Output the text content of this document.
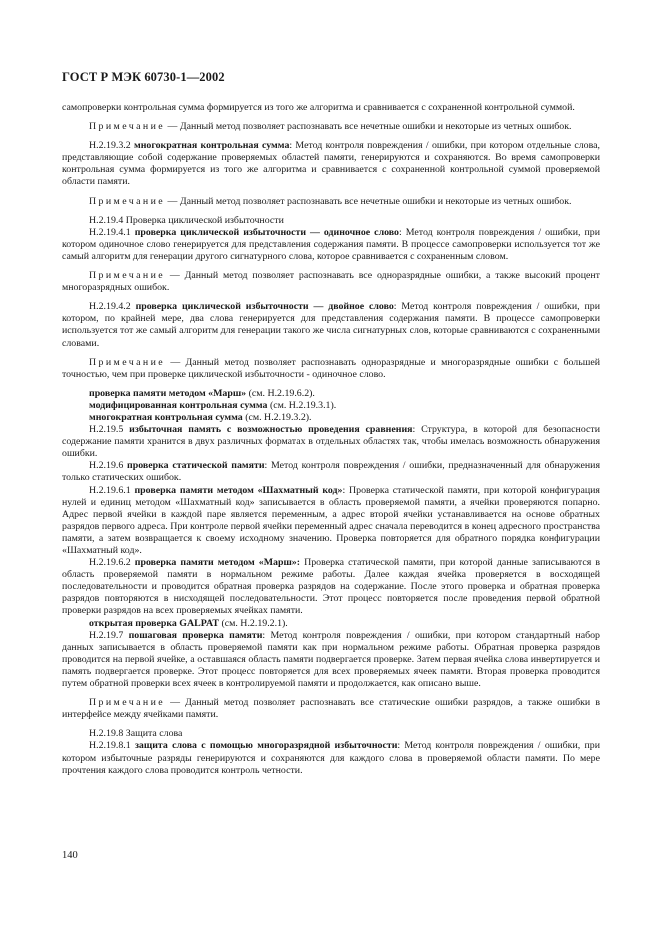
ГОСТ Р МЭК 60730-1—2002

самопроверки контрольная сумма формируется из того же алгоритма и сравнивается с сохраненной контрольной суммой.

Примечание — Данный метод позволяет распознавать все нечетные ошибки и некоторые из четных ошибок.

Н.2.19.3.2 многократная контрольная сумма: Метод контроля повреждения / ошибки, при котором отдельные слова, представляющие собой содержание проверяемых областей памяти, генерируются и сохраняются. Во время самопроверки контрольная сумма формируется из того же алгоритма и сравнивается с сохраненной контрольной суммой проверяемой области памяти.

Примечание — Данный метод позволяет распознавать все нечетные ошибки и некоторые из четных ошибок.

Н.2.19.4 Проверка циклической избыточности

Н.2.19.4.1 проверка циклической избыточности — одиночное слово: Метод контроля повреждения / ошибки, при котором одиночное слово генерируется для представления содержания памяти. В процессе самопроверки используется тот же самый алгоритм для генерации другого сигнатурного слова, которое сравнивается с сохраненным словом.

Примечание — Данный метод позволяет распознавать все одноразрядные ошибки, а также высокий процент многоразрядных ошибок.

Н.2.19.4.2 проверка циклической избыточности — двойное слово: Метод контроля повреждения / ошибки, при котором, по крайней мере, два слова генерируется для представления содержания памяти. В процессе самопроверки используется тот же самый алгоритм для генерации такого же числа сигнатурных слов, которые сравниваются с сохраненными словами.

Примечание — Данный метод позволяет распознавать одноразрядные и многоразрядные ошибки с большей точностью, чем при проверке циклической избыточности - одиночное слово.

проверка памяти методом «Марш» (см. Н.2.19.6.2).

модифицированная контрольная сумма (см. Н.2.19.3.1).

многократная контрольная сумма (см. Н.2.19.3.2).

Н.2.19.5 избыточная память с возможностью проведения сравнения: Структура, в которой для безопасности содержание памяти хранится в двух различных форматах в отдельных областях так, чтобы имелась возможность обнаружения ошибки.

Н.2.19.6 проверка статической памяти: Метод контроля повреждения / ошибки, предназначенный для обнаружения только статических ошибок.

Н.2.19.6.1 проверка памяти методом «Шахматный код»: Проверка статической памяти, при которой конфигурация нулей и единиц методом «Шахматный код» записывается в область проверяемой памяти, а ячейки проверяются попарно. Адрес первой ячейки в каждой паре является переменным, а адрес второй ячейки устанавливается на основе обратных разрядов первого адреса. При контроле первой ячейки переменный адрес сначала переводится в конец адресного пространства памяти, а затем возвращается к своему исходному значению. Проверка повторяется для обратного порядка конфигурации «Шахматный код».

Н.2.19.6.2 проверка памяти методом «Марш»: Проверка статической памяти, при которой данные записываются в область проверяемой памяти в нормальном режиме работы. Далее каждая ячейка проверяется в восходящей последовательности и проводится обратная проверка разрядов на содержание. После этого проверка и обратная проверка разрядов повторяются в нисходящей последовательности. Этот процесс повторяется после проведения первой обратной проверки разрядов на всех проверяемых ячейках памяти.

открытая проверка GALPAT (см. Н.2.19.2.1).

Н.2.19.7 пошаговая проверка памяти: Метод контроля повреждения / ошибки, при котором стандартный набор данных записывается в область проверяемой памяти как при нормальном режиме работы. Обратная проверка разрядов проводится на первой ячейке, а оставшаяся область памяти подвергается проверке. Затем первая ячейка слова инвертируется и память подвергается проверке. Этот процесс повторяется для всех проверяемых ячеек памяти. Вторая проверка проводится путем обратной проверки всех ячеек в контролируемой памяти и продолжается, как описано выше.

Примечание — Данный метод позволяет распознавать все статические ошибки разрядов, а также ошибки в интерфейсе между ячейками памяти.

Н.2.19.8 Защита слова

Н.2.19.8.1 защита слова с помощью многоразрядной избыточности: Метод контроля повреждения / ошибки, при котором избыточные разряды генерируются и сохраняются для каждого слова в проверяемой области памяти. По мере прочтения каждого слова проводится контроль четности.

140
